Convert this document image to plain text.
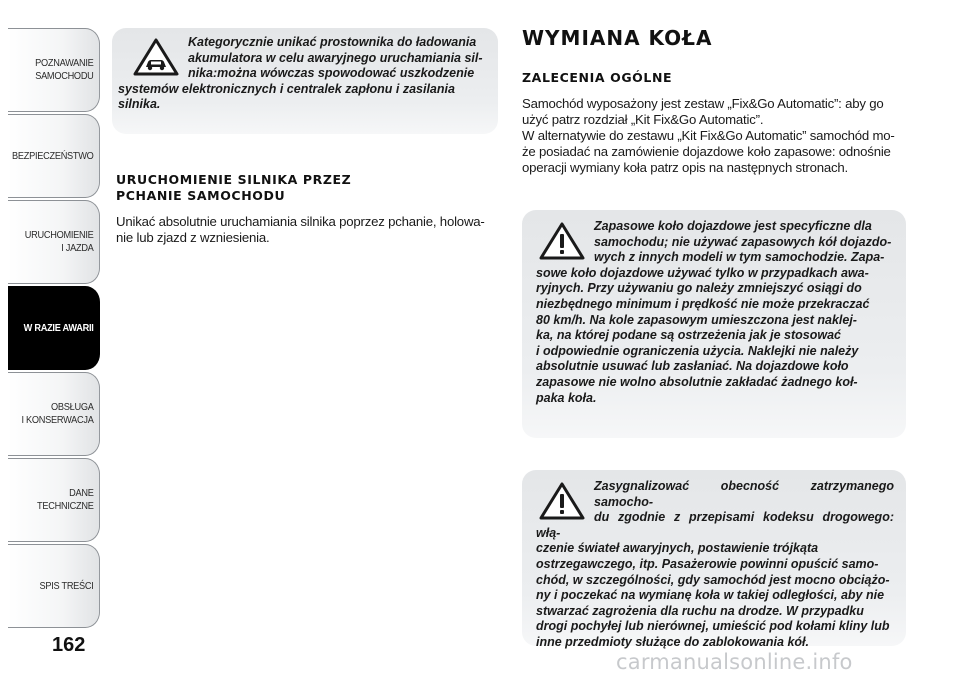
POZNAWANIE
SAMOCHODU
BEZPIECZEŃSTWO
URUCHOMIENIE
I JAZDA
W RAZIE AWARII
OBSŁUGA
I KONSERWACJA
DANE
TECHNICZNE
SPIS TREŚCI
162

Kategorycznie unikać prostownika do ładowania
akumulatora w celu awaryjnego uruchamiania sil-
nika:można wówczas spowodować uszkodzenie
systemów elektronicznych i centralek zapłonu i zasilania
silnika.

URUCHOMIENIE SILNIKA PRZEZ
PCHANIE SAMOCHODU
Unikać absolutnie uruchamiania silnika poprzez pchanie, holowa-
nie lub zjazd z wzniesienia.
WYMIANA KOŁA
ZALECENIA OGÓLNE
Samochód wyposażony jest zestaw „Fix&Go Automatic”: aby go
użyć patrz rozdział „Kit Fix&Go Automatic”.
W alternatywie do zestawu „Kit Fix&Go Automatic” samochód mo-
że posiadać na zamówienie dojazdowe koło zapasowe: odnośnie
operacji wymiany koła patrz opis na następnych stronach.

Zapasowe koło dojazdowe jest specyficzne dla
samochodu; nie używać zapasowych kół dojazdo-
wych z innych modeli w tym samochodzie. Zapa-
sowe koło dojazdowe używać tylko w przypadkach awa-
ryjnych. Przy używaniu go należy zmniejszyć osiągi do
niezbędnego minimum i prędkość nie może przekraczać
80 km/h. Na kole zapasowym umieszczona jest naklej-
ka, na której podane są ostrzeżenia jak je stosować
i odpowiednie ograniczenia użycia. Naklejki nie należy
absolutnie usuwać lub zasłaniać. Na dojazdowe koło
zapasowe nie wolno absolutnie zakładać żadnego koł-
paka koła.

Zasygnalizować obecność zatrzymanego samocho-
du zgodnie z przepisami kodeksu drogowego: włą-
czenie świateł awaryjnych, postawienie trójkąta
ostrzegawczego, itp. Pasażerowie powinni opuścić samo-
chód, w szczególności, gdy samochód jest mocno obciążo-
ny i poczekać na wymianę koła w takiej odległości, aby nie
stwarzać zagrożenia dla ruchu na drodze. W przypadku
drogi pochyłej lub nierównej, umieścić pod kołami kliny lub
inne przedmioty służące do zablokowania kół.

carmanualsonline.info
